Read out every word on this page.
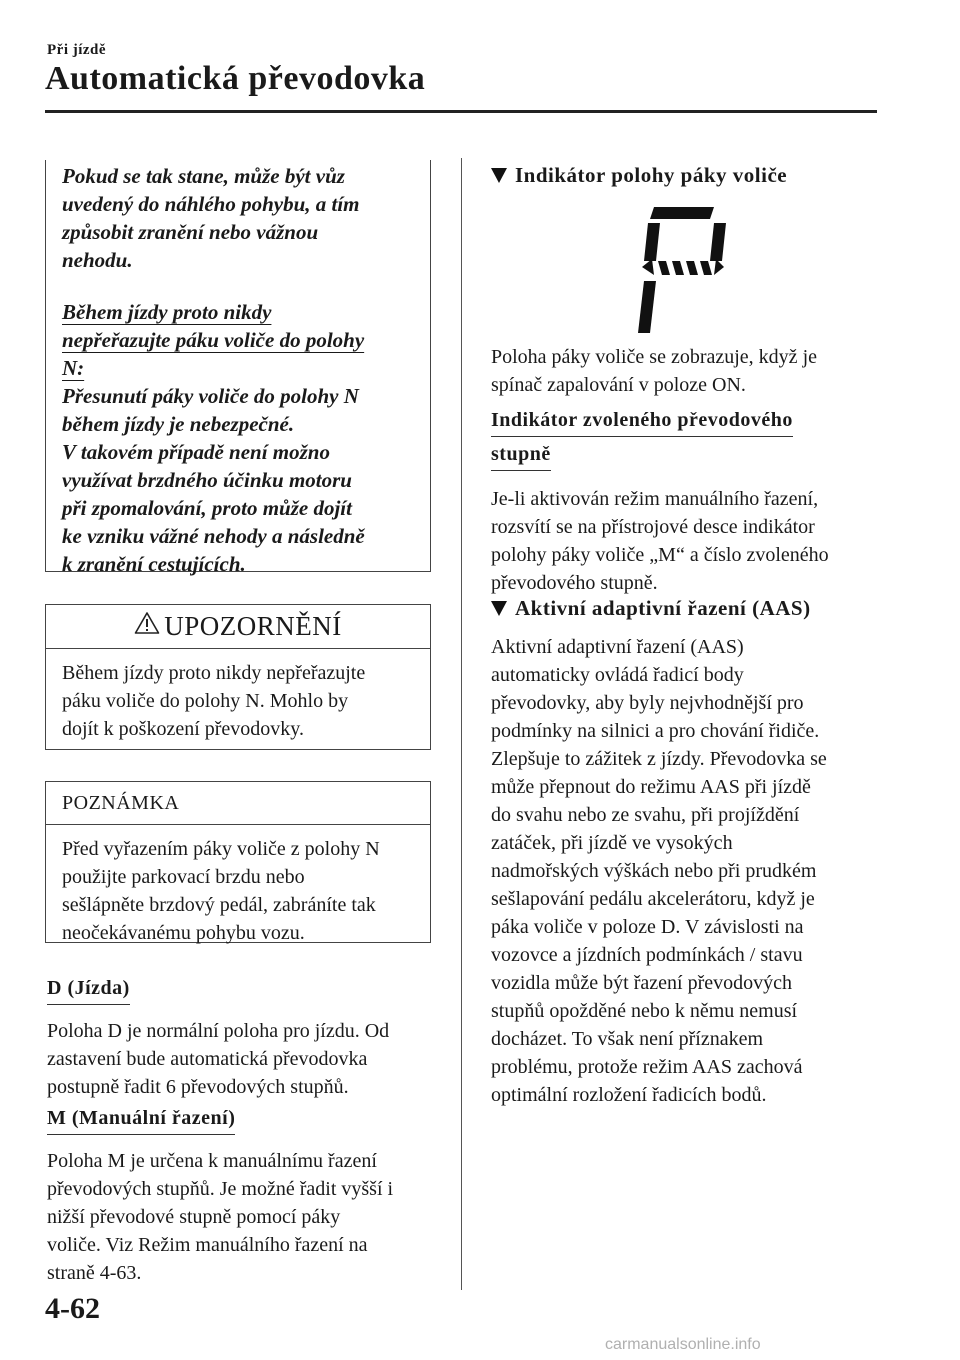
Při jízdě
Automatická převodovka

Pokud se tak stane, může být vůz

uvedený do náhlého pohybu, a tím

způsobit zranění nebo vážnou

nehodu.

Během jízdy proto nikdy

nepřeřazujte páku voliče do polohy

N:

Přesunutí páky voliče do polohy N

během jízdy je nebezpečné.

V takovém případě není možno

využívat brzdného účinku motoru

při zpomalování, proto může dojít

ke vzniku vážné nehody a následně

k zranění cestujících.

UPOZORNĚNÍ
Během jízdy proto nikdy nepřeřazujte
páku voliče do polohy N. Mohlo by
dojít k poškození převodovky.
POZNÁMKA
Před vyřazením páky voliče z polohy N
použijte parkovací brzdu nebo
sešlápněte brzdový pedál, zabráníte tak
neočekávanému pohybu vozu.
D (Jízda)

Poloha D je normální poloha pro jízdu. Od

zastavení bude automatická převodovka

postupně řadit 6 převodových stupňů.

M (Manuální řazení)

Poloha M je určena k manuálnímu řazení

převodových stupňů. Je možné řadit vyšší i

nižší převodové stupně pomocí páky

voliče. Viz Režim manuálního řazení na

straně 4-63.

Indikátor polohy páky voliče

Poloha páky voliče se zobrazuje, když je

spínač zapalování v poloze ON.

Indikátor zvoleného převodového
stupně

Je-li aktivován režim manuálního řazení,

rozsvítí se na přístrojové desce indikátor

polohy páky voliče „M“ a číslo zvoleného

převodového stupně.

Aktivní adaptivní řazení (AAS)

Aktivní adaptivní řazení (AAS)

automaticky ovládá řadicí body

převodovky, aby byly nejvhodnější pro

podmínky na silnici a pro chování řidiče.

Zlepšuje to zážitek z jízdy. Převodovka se

může přepnout do režimu AAS při jízdě

do svahu nebo ze svahu, při projíždění

zatáček, při jízdě ve vysokých

nadmořských výškách nebo při prudkém

sešlapování pedálu akcelerátoru, když je

páka voliče v poloze D. V závislosti na

vozovce a jízdních podmínkách / stavu

vozidla může být řazení převodových

stupňů opožděné nebo k němu nemusí

docházet. To však není příznakem

problému, protože režim AAS zachová

optimální rozložení řadicích bodů.

4-62
carmanualsonline.info
